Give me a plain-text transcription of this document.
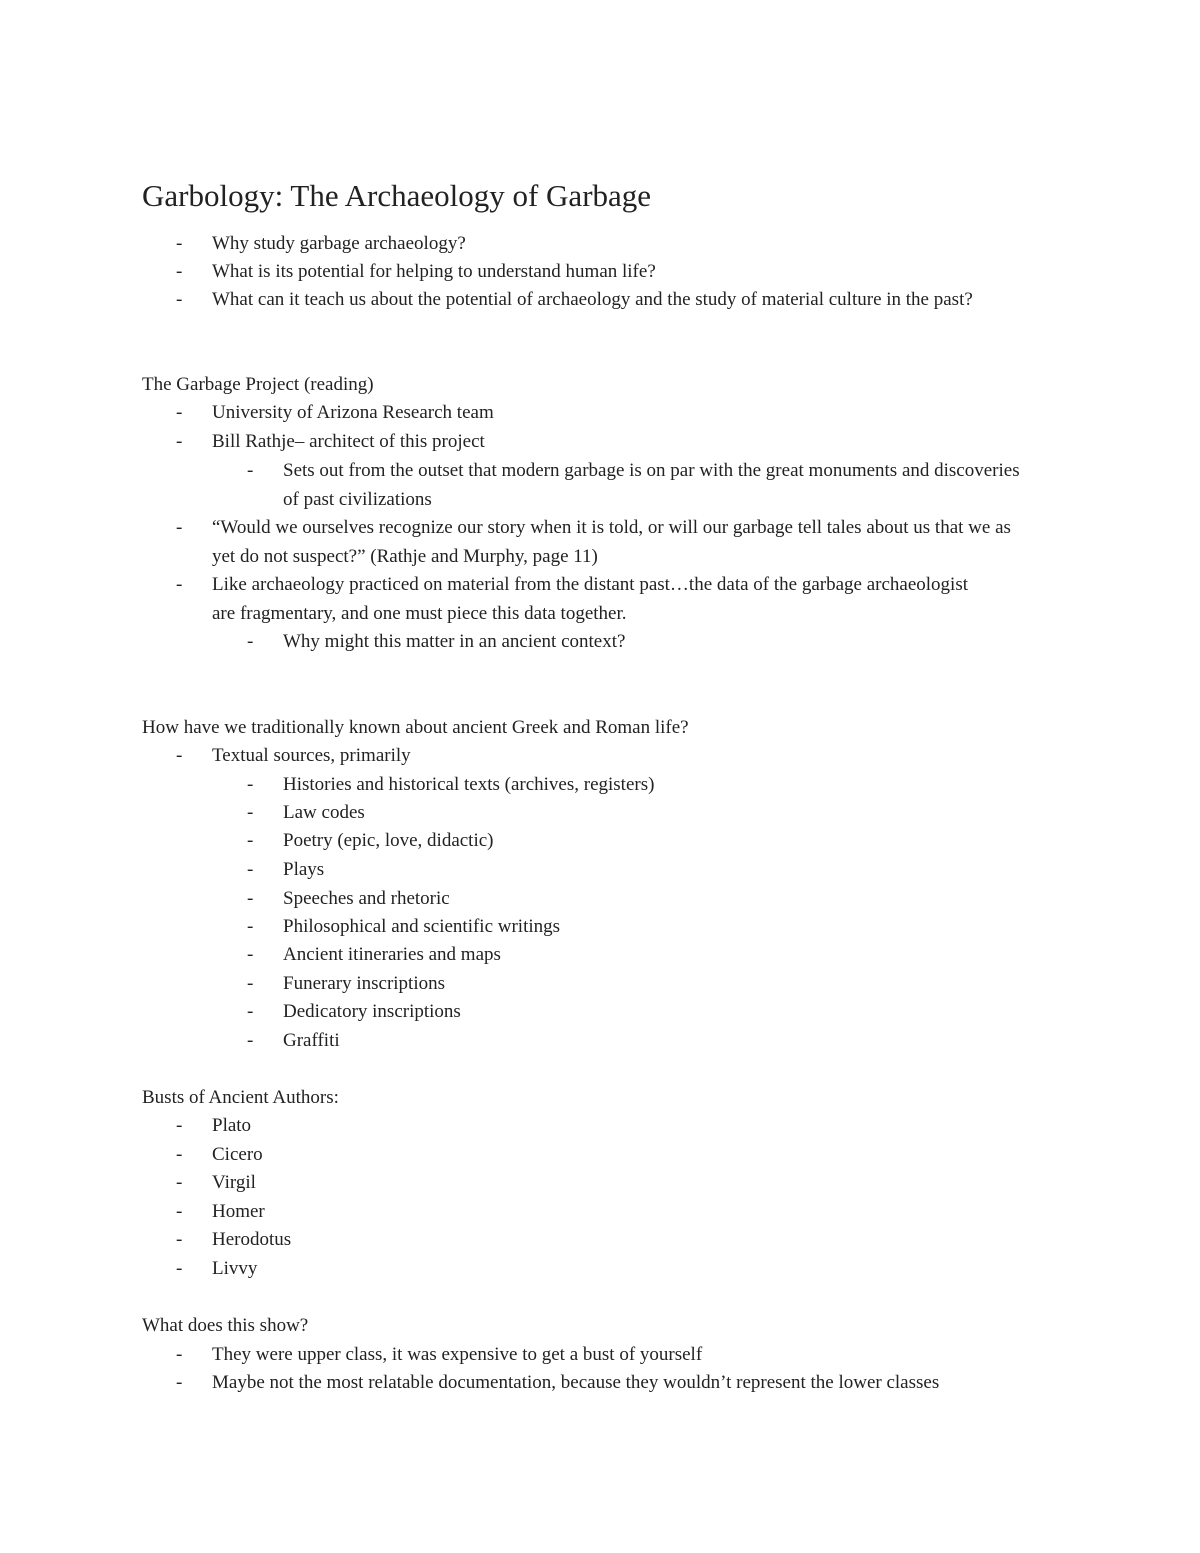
Garbology: The Archaeology of Garbage
- Why study garbage archaeology?
- What is its potential for helping to understand human life?
- What can it teach us about the potential of archaeology and the study of material culture in the past?
The Garbage Project (reading)
- University of Arizona Research team
- Bill Rathje– architect of this project
- Sets out from the outset that modern garbage is on par with the great monuments and discoveries of past civilizations
- “Would we ourselves recognize our story when it is told, or will our garbage tell tales about us that we as yet do not suspect?” (Rathje and Murphy, page 11)
- Like archaeology practiced on material from the distant past…the data of the garbage archaeologist are fragmentary, and one must piece this data together.
- Why might this matter in an ancient context?
How have we traditionally known about ancient Greek and Roman life?
- Textual sources, primarily
- Histories and historical texts (archives, registers)
- Law codes
- Poetry (epic, love, didactic)
- Plays
- Speeches and rhetoric
- Philosophical and scientific writings
- Ancient itineraries and maps
- Funerary inscriptions
- Dedicatory inscriptions
- Graffiti
Busts of Ancient Authors:
- Plato
- Cicero
- Virgil
- Homer
- Herodotus
- Livvy
What does this show?
- They were upper class, it was expensive to get a bust of yourself
- Maybe not the most relatable documentation, because they wouldn’t represent the lower classes
